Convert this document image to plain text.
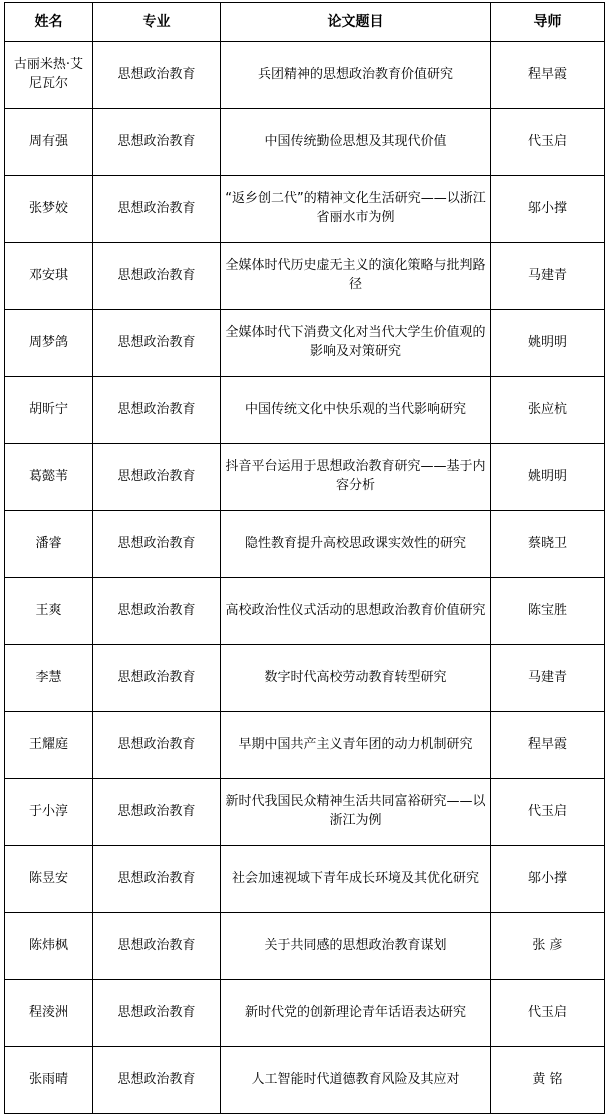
姓名	专业	论文题目	导师
古丽米热·艾尼瓦尔	思想政治教育	兵团精神的思想政治教育价值研究	程早霞
周有强	思想政治教育	中国传统勤俭思想及其现代价值	代玉启
张梦姣	思想政治教育	“返乡创二代”的精神文化生活研究——以浙江省丽水市为例	邬小撑
邓安琪	思想政治教育	全媒体时代历史虚无主义的演化策略与批判路径	马建青
周梦鸽	思想政治教育	全媒体时代下消费文化对当代大学生价值观的影响及对策研究	姚明明
胡昕宁	思想政治教育	中国传统文化中快乐观的当代影响研究	张应杭
葛懿苇	思想政治教育	抖音平台运用于思想政治教育研究——基于内容分析	姚明明
潘睿	思想政治教育	隐性教育提升高校思政课实效性的研究	蔡晓卫
王爽	思想政治教育	高校政治性仪式活动的思想政治教育价值研究	陈宝胜
李慧	思想政治教育	数字时代高校劳动教育转型研究	马建青
王耀庭	思想政治教育	早期中国共产主义青年团的动力机制研究	程早霞
于小淳	思想政治教育	新时代我国民众精神生活共同富裕研究——以浙江为例	代玉启
陈昱安	思想政治教育	社会加速视域下青年成长环境及其优化研究	邬小撑
陈炜枫	思想政治教育	关于共同感的思想政治教育谋划	张 彦
程淩洲	思想政治教育	新时代党的创新理论青年话语表达研究	代玉启
张雨晴	思想政治教育	人工智能时代道德教育风险及其应对	黄 铭
